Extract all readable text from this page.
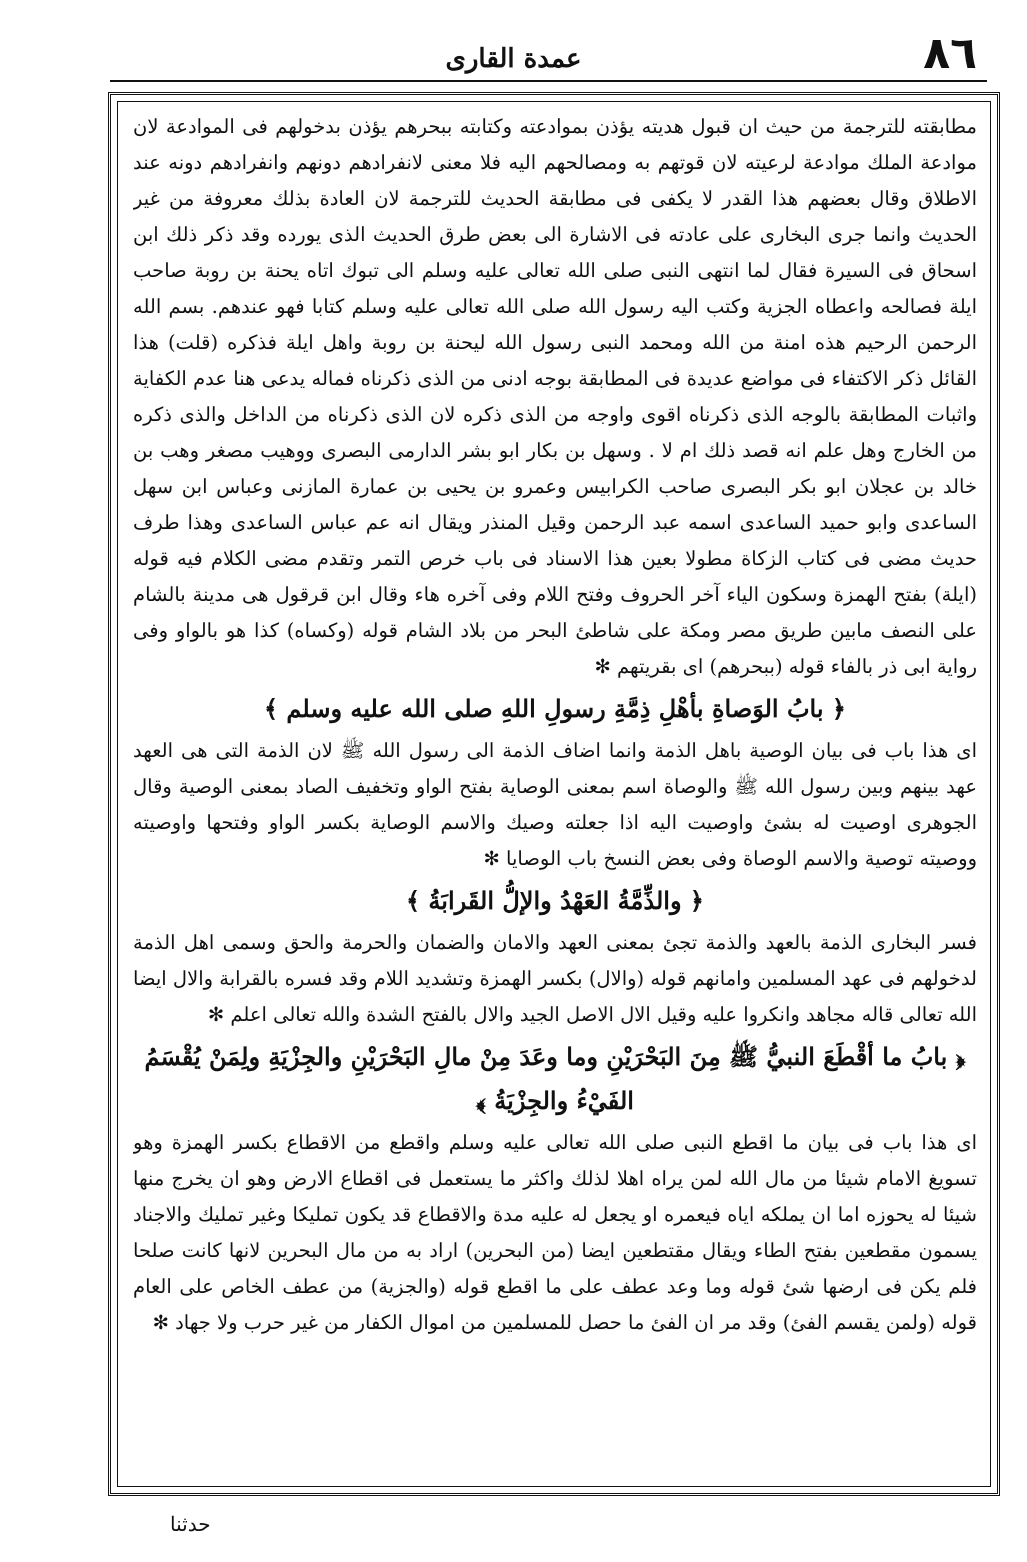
٨٦
عمدة القارى

مطابقته للترجمة من حيث ان قبول هديته يؤذن بموادعته وكتابته ببحرهم يؤذن بدخولهم فى الموادعة لان موادعة الملك موادعة لرعيته لان قوتهم به ومصالحهم اليه فلا معنى لانفرادهم دونهم وانفرادهم دونه عند الاطلاق وقال بعضهم هذا القدر لا يكفى فى مطابقة الحديث للترجمة لان العادة بذلك معروفة من غير الحديث وانما جرى البخارى على عادته فى الاشارة الى بعض طرق الحديث الذى يورده وقد ذكر ذلك ابن اسحاق فى السيرة فقال لما انتهى النبى صلى الله تعالى عليه وسلم الى تبوك اتاه يحنة بن روبة صاحب ايلة فصالحه واعطاه الجزية وكتب اليه رسول الله صلى الله تعالى عليه وسلم كتابا فهو عندهم. بسم الله الرحمن الرحيم هذه امنة من الله ومحمد النبى رسول الله ليحنة بن روبة واهل ايلة فذكره (قلت) هذا القائل ذكر الاكتفاء فى مواضع عديدة فى المطابقة بوجه ادنى من الذى ذكرناه فماله يدعى هنا عدم الكفاية واثبات المطابقة بالوجه الذى ذكرناه اقوى واوجه من الذى ذكره لان الذى ذكرناه من الداخل والذى ذكره من الخارج وهل علم انه قصد ذلك ام لا . وسهل بن بكار ابو بشر الدارمى البصرى ووهيب مصغر وهب بن خالد بن عجلان ابو بكر البصرى صاحب الكرابيس وعمرو بن يحيى بن عمارة المازنى وعباس ابن سهل الساعدى وابو حميد الساعدى اسمه عبد الرحمن وقيل المنذر ويقال انه عم عباس الساعدى وهذا طرف حديث مضى فى كتاب الزكاة مطولا بعين هذا الاسناد فى باب خرص التمر وتقدم مضى الكلام فيه قوله (ايلة) بفتح الهمزة وسكون الياء آخر الحروف وفتح اللام وفى آخره هاء وقال ابن قرقول هى مدينة بالشام على النصف مابين طريق مصر ومكة على شاطئ البحر من بلاد الشام قوله (وكساه) كذا هو بالواو وفى رواية ابى ذر بالفاء قوله (ببحرهم) اى بقريتهم ✻

﴿ بابُ الوَصاةِ بأهْلِ ذِمَّةِ رسولِ اللهِ صلى الله عليه وسلم ﴾

اى هذا باب فى بيان الوصية باهل الذمة وانما اضاف الذمة الى رسول الله ﷺ لان الذمة التى هى العهد عهد بينهم وبين رسول الله ﷺ والوصاة اسم بمعنى الوصاية بفتح الواو وتخفيف الصاد بمعنى الوصية وقال الجوهرى اوصيت له بشئ واوصيت اليه اذا جعلته وصيك والاسم الوصاية بكسر الواو وفتحها واوصيته ووصيته توصية والاسم الوصاة وفى بعض النسخ باب الوصايا ✻

﴿ والذِّمَّةُ العَهْدُ والإلُّ القَرابَةُ ﴾

فسر البخارى الذمة بالعهد والذمة تجئ بمعنى العهد والامان والضمان والحرمة والحق وسمى اهل الذمة لدخولهم فى عهد المسلمين وامانهم قوله (والال) بكسر الهمزة وتشديد اللام وقد فسره بالقرابة والال ايضا الله تعالى قاله مجاهد وانكروا عليه وقيل الال الاصل الجيد والال بالفتح الشدة والله تعالى اعلم ✻

﴿ بابُ ما أقْطَعَ النبيُّ ﷺ مِنَ البَحْرَيْنِ وما وعَدَ مِنْ مالِ البَحْرَيْنِ والجِزْيَةِ ولِمَنْ يُقْسَمُ الفَيْءُ والجِزْيَةُ ﴾

اى هذا باب فى بيان ما اقطع النبى صلى الله تعالى عليه وسلم واقطع من الاقطاع بكسر الهمزة وهو تسويغ الامام شيئا من مال الله لمن يراه اهلا لذلك واكثر ما يستعمل فى اقطاع الارض وهو ان يخرج منها شيئا له يحوزه اما ان يملكه اياه فيعمره او يجعل له عليه مدة والاقطاع قد يكون تمليكا وغير تمليك والاجناد يسمون مقطعين بفتح الطاء ويقال مقتطعين ايضا (من البحرين) اراد به من مال البحرين لانها كانت صلحا فلم يكن فى ارضها شئ قوله وما وعد عطف على ما اقطع قوله (والجزية) من عطف الخاص على العام قوله (ولمن يقسم الفئ) وقد مر ان الفئ ما حصل للمسلمين من اموال الكفار من غير حرب ولا جهاد ✻

حدثنا
